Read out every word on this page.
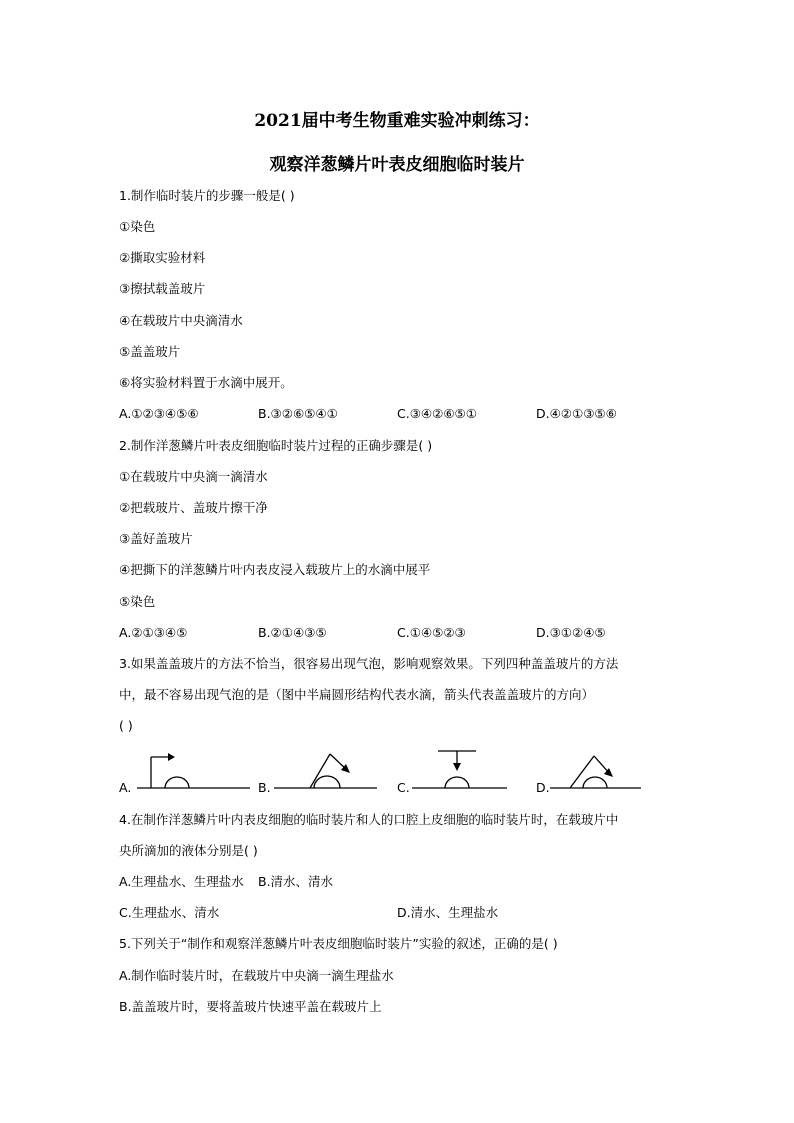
2021届中考生物重难实验冲刺练习：
观察洋葱鳞片叶表皮细胞临时装片
1.制作临时装片的步骤一般是( )
①染色
②撕取实验材料
③擦拭载盖玻片
④在载玻片中央滴清水
⑤盖盖玻片
⑥将实验材料置于水滴中展开。
A.①②③④⑤⑥	B.③②⑥⑤④①	C.③④②⑥⑤①	D.④②①③⑤⑥
2.制作洋葱鳞片叶表皮细胞临时装片过程的正确步骤是( )
①在载玻片中央滴一滴清水
②把载玻片、盖玻片擦干净
③盖好盖玻片
④把撕下的洋葱鳞片叶内表皮浸入载玻片上的水滴中展平
⑤染色
A.②①③④⑤	B.②①④③⑤	C.①④⑤②③	D.③①②④⑤
3.如果盖盖玻片的方法不恰当，很容易出现气泡，影响观察效果。下列四种盖盖玻片的方法
中，最不容易出现气泡的是（图中半扁圆形结构代表水滴，箭头代表盖盖玻片的方向）
( )
A.	B.	C.	D.
4.在制作洋葱鳞片叶内表皮细胞的临时装片和人的口腔上皮细胞的临时装片时，在载玻片中
央所滴加的液体分别是( )
A.生理盐水、生理盐水 B.清水、清水
C.生理盐水、清水	D.清水、生理盐水
5.下列关于“制作和观察洋葱鳞片叶表皮细胞临时装片”实验的叙述，正确的是( )
A.制作临时装片时，在载玻片中央滴一滴生理盐水
B.盖盖玻片时，要将盖玻片快速平盖在载玻片上
